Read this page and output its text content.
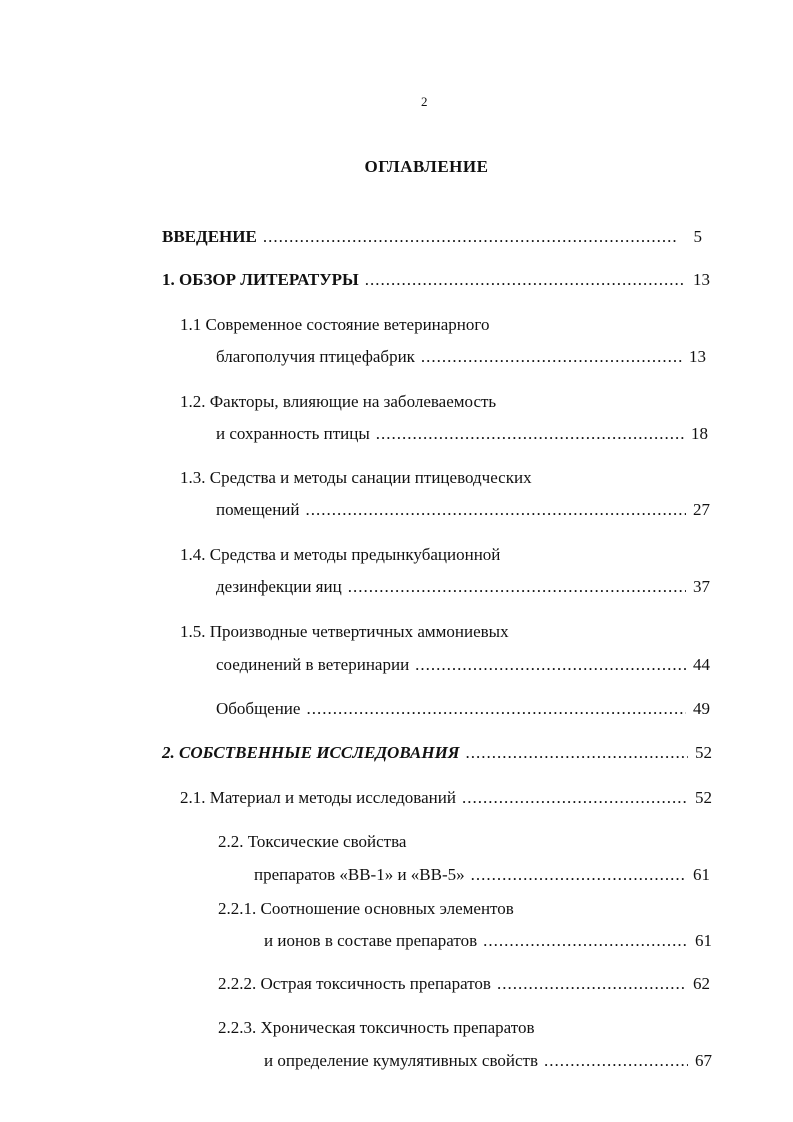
2
ОГЛАВЛЕНИЕ
ВВЕДЕНИЕ .....	5
1. ОБЗОР ЛИТЕРАТУРЫ .....	13
1.1 Современное состояние ветеринарного
благополучия птицефабрик .....	13
1.2. Факторы, влияющие на заболеваемость
и сохранность птицы .....	18
1.3. Средства и методы санации птицеводческих
помещений .....	27
1.4. Средства и методы предынкубационной
дезинфекции яиц .....	37
1.5. Производные четвертичных аммониевых
соединений в ветеринарии .....	44
Обобщение .....	49
2. СОБСТВЕННЫЕ ИССЛЕДОВАНИЯ .....	52
2.1. Материал и методы исследований .....	52
2.2. Токсические свойства
препаратов «ВВ-1» и «ВВ-5» .....	61
2.2.1. Соотношение основных элементов
и ионов в составе препаратов .....	61
2.2.2. Острая токсичность препаратов .....	62
2.2.3. Хроническая токсичность препаратов
и определение кумулятивных свойств .....	67
